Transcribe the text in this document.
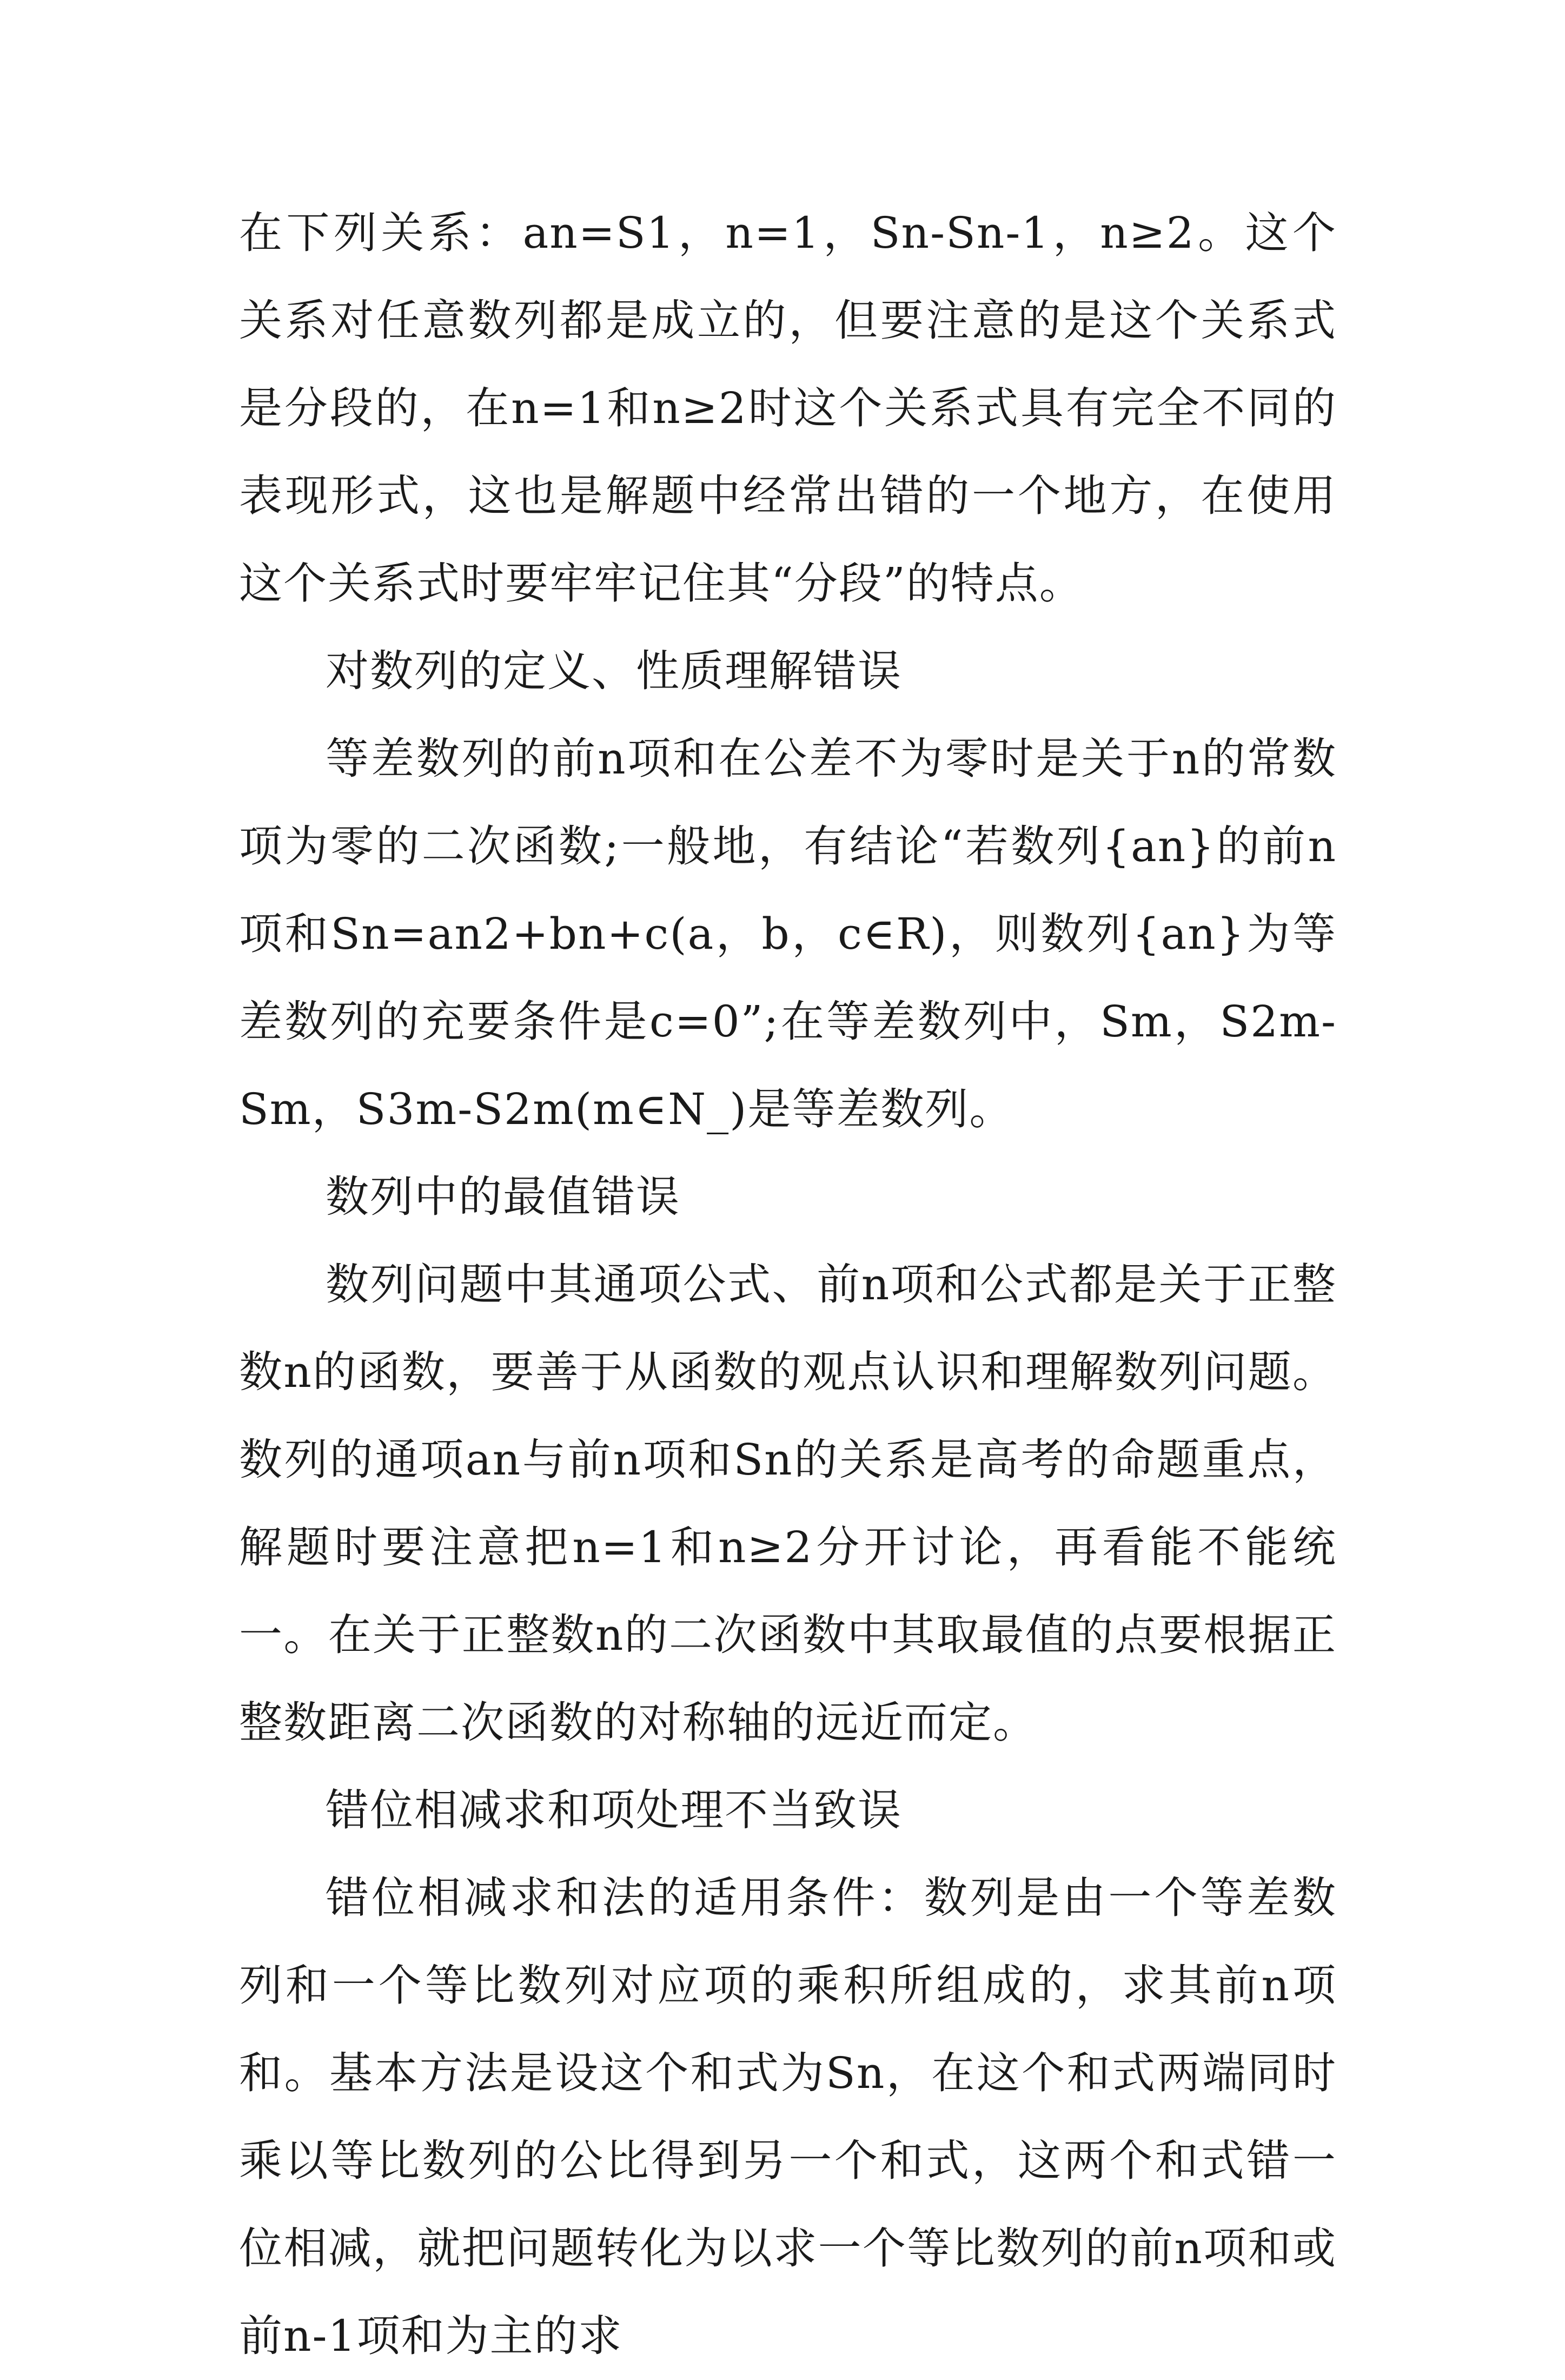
在下列关系：an=S1，n=1，Sn-Sn-1，n≥2。这个关系对任意数列都是成立的，但要注意的是这个关系式是分段的，在n=1和n≥2时这个关系式具有完全不同的表现形式，这也是解题中经常出错的一个地方，在使用这个关系式时要牢牢记住其“分段”的特点。

对数列的定义、性质理解错误

等差数列的前n项和在公差不为零时是关于n的常数项为零的二次函数;一般地，有结论“若数列{an}的前n项和Sn=an2+bn+c(a，b，c∈R)，则数列{an}为等差数列的充要条件是c=0”;在等差数列中，Sm，S2m-Sm，S3m-S2m(m∈N_)是等差数列。

数列中的最值错误

数列问题中其通项公式、前n项和公式都是关于正整数n的函数，要善于从函数的观点认识和理解数列问题。数列的通项an与前n项和Sn的关系是高考的命题重点，解题时要注意把n=1和n≥2分开讨论，再看能不能统一。在关于正整数n的二次函数中其取最值的点要根据正整数距离二次函数的对称轴的远近而定。

错位相减求和项处理不当致误

错位相减求和法的适用条件：数列是由一个等差数列和一个等比数列对应项的乘积所组成的，求其前n项和。基本方法是设这个和式为Sn，在这个和式两端同时乘以等比数列的公比得到另一个和式，这两个和式错一位相减，就把问题转化为以求一个等比数列的前n项和或前n-1项和为主的求
